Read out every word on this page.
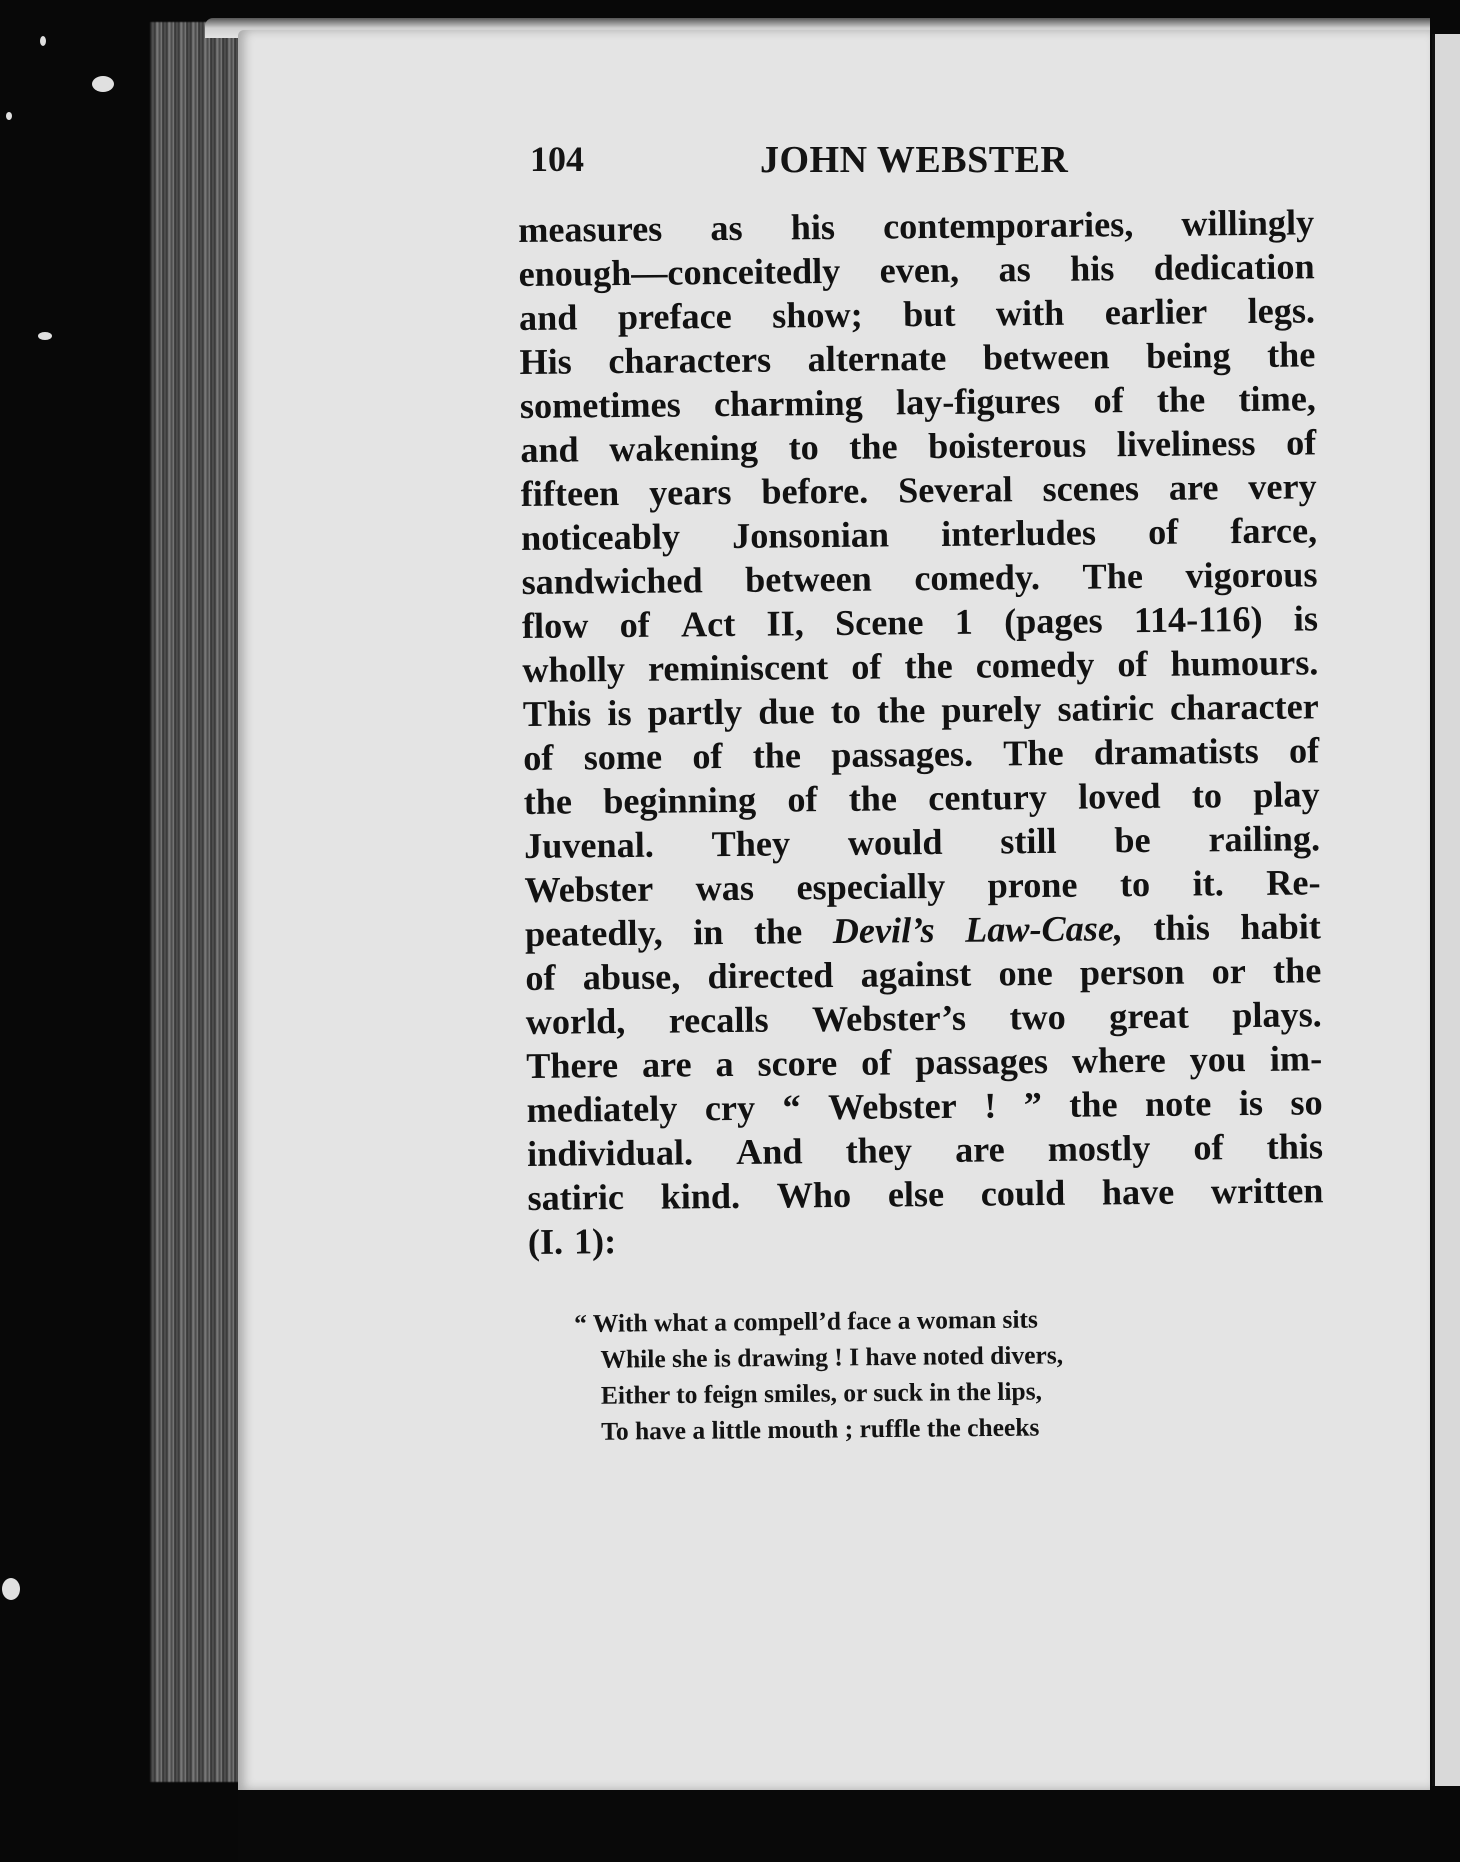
104	JOHN WEBSTER
measures as his contemporaries, willingly
enough—conceitedly even, as his dedication
and preface show; but with earlier legs.
His characters alternate between being the
sometimes charming lay-figures of the time,
and wakening to the boisterous liveliness of
fifteen years before. Several scenes are very
noticeably Jonsonian interludes of farce,
sandwiched between comedy. The vigorous
flow of Act II, Scene 1 (pages 114-116) is
wholly reminiscent of the comedy of humours.
This is partly due to the purely satiric character
of some of the passages. The dramatists of
the beginning of the century loved to play
Juvenal. They would still be railing.
Webster was especially prone to it. Re-
peatedly, in the Devil’s Law-Case, this habit
of abuse, directed against one person or the
world, recalls Webster’s two great plays.
There are a score of passages where you im-
mediately cry “ Webster ! ” the note is so
individual. And they are mostly of this
satiric kind. Who else could have written
(I. 1):
“ With what a compell’d face a woman sits
While she is drawing ! I have noted divers,
Either to feign smiles, or suck in the lips,
To have a little mouth ; ruffle the cheeks
